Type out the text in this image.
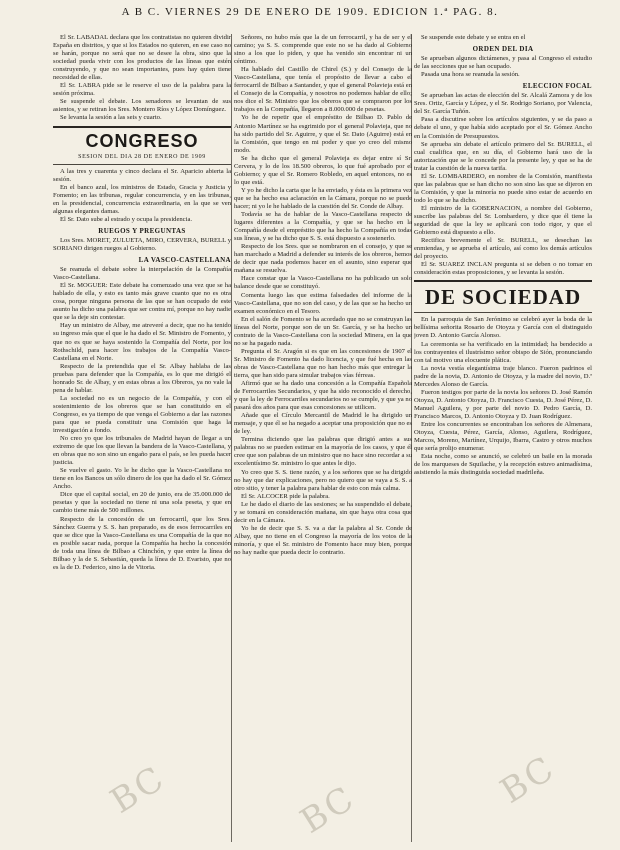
A B C. VIERNES 29 DE ENERO DE 1909. EDICION 1.ª PAG. 8.

El Sr. LABADAL declara que los contratistas no quieren dividir España en distritos, y que si los Estados no quieren, en ese caso no se harán, porque no será que no se desee la obra, sino que la sociedad pueda vivir con los productos de las líneas que estén construyendo, y que no sean importantes, pues hay quien tiene necesidad de ellas.

El Sr. LABRA pide se le reserve el uso de la palabra para la sesión próxima.

Se suspende el debate. Los senadores se levantan de sus asientos, y se retiran los Sres. Montero Ríos y López Domínguez.

Se levanta la sesión a las seis y cuarto.

CONGRESO
SESION DEL DIA 28 DE ENERO DE 1909

A las tres y cuarenta y cinco declara el Sr. Aparicio abierta la sesión.

En el banco azul, los ministros de Estado, Gracia y Justicia y Fomento; en las tribunas, regular concurrencia, y en las tribunas, en la presidencial, concurrencia extraordinaria, en la que se ven algunas elegantes damas.

El Sr. Dato sube al estrado y ocupa la presidencia.

RUEGOS Y PREGUNTAS

Los Sres. MORET, ZULUETA, MIRO, CERVERA, BURELL y SORIANO dirigen ruegos al Gobierno.

LA VASCO-CASTELLANA

Se reanuda el debate sobre la interpelación de la Compañía Vasco-Castellana.

El Sr. MOGUER: Este debate ha comenzado una vez que se ha hablado de ella, y esto es tanto más grave cuanto que no es otra cosa, porque ninguna persona de las que se han ocupado de este asunto ha dicho una palabra que ser contra mí, porque no hay nadie que se la deje sin contestar.

Hay un ministro de Albay, me atreveré a decir, que no ha tenido su ingreso más que el que le ha dado el Sr. Ministro de Fomento, y que no es que se haya sostenido la Compañía del Norte, por los Rothschild, para hacer los trabajos de la Compañía Vasco-Castellana en el Norte.

Respecto de la pretendida que el Sr. Albay hablaba de las pruebas para defender que la Compañía, es lo que me dirigió el honrado Sr. de Albay, y en estas obras a los Obreros, ya no vale la pena de hablar.

La sociedad no es un negocio de la Compañía, y con el sostenimiento de los obreros que se han constituido en el Congreso, es ya tiempo de que venga el Gobierno a dar las razones para que se pueda constituir una Comisión que haga la investigación a fondo.

No creo yo que los tribunales de Madrid hayan de llegar a un extremo de que los que llevan la bandera de la Vasco-Castellana, y en obras que no son sino un engaño para el país, se les pueda hacer justicia.

Se vuelve el gasto. Yo le he dicho que la Vasco-Castellana no tiene en los Bancos un sólo dinero de los que ha dado el Sr. Gómez Ancho.

Dice que el capital social, en 20 de junio, era de 35.000.000 de pesetas y que la sociedad no tiene ni una sola peseta, y que en cambio tiene más de 500 millones.

Respecto de la concesión de un ferrocarril, que los Sres. Sánchez Guerra y S. S. han preparado, es de esos ferrocarriles en que se dice que la Vasco-Castellana es una Compañía de la que no es posible sacar nada, porque la Compañía ha hecho la concesión de toda una línea de Bilbao a Chinchón, y que entre la línea de Bilbao y la de S. Sebastián, queda la línea de D. Evaristo, que no es la de D. Federico, sino la de Vitoria.

Señores, no hubo más que la de un ferrocarril, y ha de ser y el camino; ya S. S. comprende que este no se ha dado al Gobierno sino a los que lo piden, y que ha venido sin encontrar ni un céntimo.

Ha hablado del Castillo de Chirel (S.) y del Consejo de la Vasco-Castellana, que tenía el propósito de llevar a cabo el ferrocarril de Bilbao a Santander, y que el general Polavieja está en el Consejo de la Compañía, y nosotros no podemos hablar de ello; nos dice el Sr. Ministro que los obreros que se compraron por los trabajos en la Compañía, llegaron a 8.000.000 de pesetas.

Yo he de repetir que el empréstito de Bilbao D. Pablo de Antonio Martínez se ha esgrimido por el general Polavieja, que no ha sido partido del Sr. Aguirre, y que el Sr. Dato (Aguirre) está en la Comisión, que tengo en mi poder y que yo creo del mismo modo.

Se ha dicho que el general Polavieja es dejar entre sí Sr. Cervera, y lo de los 18.500 obreros, lo que fué aprobado por el Gobierno; y que el Sr. Romero Robledo, en aquel entonces, no es lo que está.

Y yo he dicho la carta que le ha enviado, y ésta es la primera vez que se ha hecho esa aclaración en la Cámara, porque no se puede hacer; ni yo le he hablado de la cuestión del Sr. Conde de Albay.

Todavía se ha de hablar de la Vasco-Castellana respecto de lugares diferentes a la Compañía, y que se ha hecho en la Compañía desde el empréstito que ha hecho la Compañía en todas sus líneas, y se ha dicho que S. S. está dispuesto a sostenerlo.

Respecto de los Sres. que se nombraron en el consejo, y que se han marchado a Madrid a defender su interés de los obreros, hemos de decir que nada podemos hacer en el asunto, sino esperar que mañana se resuelva.

Hace constar que la Vasco-Castellana no ha publicado un solo balance desde que se constituyó.

Comenta luego las que estima falsedades del informe de la Vasco-Castellana, que no son del caso, y de las que se ha hecho un examen económico en el Tesoro.

En el salón de Fomento se ha acordado que no se construyan las líneas del Norte, porque son de un Sr. García, y se ha hecho un contrato de la Vasco-Castellana con la sociedad Minera, en la que no se ha pagado nada.

Pregunta el Sr. Aragón si es que en las concesiones de 1907 el Sr. Ministro de Fomento ha dado licencia, y que fué hecha en las obras de Vasco-Castellana que no han hecho más que entregar la tierra, que han sido para simular trabajos vías férreas.

Afirmó que se ha dado una concesión a la Compañía Española de Ferrocarriles Secundarios, y que ha sido reconocido el derecho, y que la ley de Ferrocarriles secundarios no se cumple, y que ya no pasará dos años para que esas concesiones se utilicen.

Añade que el Círculo Mercantil de Madrid le ha dirigido un mensaje, y que él se ha negado a aceptar una proposición que no es de ley.

Termina diciendo que las palabras que dirigió antes a sus palabras no se pueden estimar en la mayoría de los casos, y que él cree que son palabras de un ministro que no hace sino recordar a su excelentísimo Sr. ministro lo que antes le dijo.

Yo creo que S. S. tiene razón, y a los señores que se ha dirigido no hay que dar explicaciones, pero no quiero que se vaya a S. S. a otro sitio, y tener la palabra para hablar de esto con más calma.

El Sr. ALCOCER pide la palabra.

Le he dado el diario de las sesiones; se ha suspendido el debate, y se tomará en consideración mañana, sin que haya otra cosa que decir en la Cámara.

Yo he de decir que S. S. va a dar la palabra al Sr. Conde de Albay, que no tiene en el Congreso la mayoría de los votos de la minoría, y que el Sr. ministro de Fomento hace muy bien, porque no hay nadie que pueda decir lo contrario.

Se suspende este debate y se entra en el

ORDEN DEL DIA

Se aprueban algunos dictámenes, y pasa al Congreso el estudio de las secciones que se han ocupado.

Pasada una hora se reanuda la sesión.

ELECCION FOCAL

Se aprueban las actas de elección del Sr. Alcalá Zamora y de los Sres. Ortiz, García y López, y el Sr. Rodrigo Soriano, por Valencia, del Sr. García Tuñón.

Pasa a discutirse sobre los artículos siguientes, y se da paso a debate el uno, y que había sido aceptado por el Sr. Gómez Ancho en la Comisión de Presupuestos.

Se aprueba sin debate el artículo primero del Sr. BURELL, el cual cualifica que, en su día, el Gobierno hará uso de la autorización que se le concede por la presente ley, y que se ha de tratar la cuestión de la nueva tarifa.

El Sr. LOMBARDERO, en nombre de la Comisión, manifiesta que las palabras que se han dicho no son sino las que se dijeron en la Comisión, y que la minoría no puede sino estar de acuerdo en todo lo que se ha dicho.

El ministro de la GOBERNACION, a nombre del Gobierno, suscribe las palabras del Sr. Lombardero, y dice que él tiene la seguridad de que la ley se aplicará con todo rigor, y que el Gobierno está dispuesto a ello.

Rectifica brevemente el Sr. BURELL, se desechan las enmiendas, y se aprueba el artículo, así como los demás artículos del proyecto.

El Sr. SUAREZ INCLAN pregunta si se deben o no tomar en consideración estas proposiciones, y se levanta la sesión.

DE SOCIEDAD

En la parroquia de San Jerónimo se celebró ayer la boda de la bellísima señorita Rosario de Otoyza y García con el distinguido joven D. Antonio García Alonso.

La ceremonia se ha verificado en la intimidad; ha bendecido a los contrayentes el ilustrísimo señor obispo de Sión, pronunciando con tal motivo una elocuente plática.

La novia vestía elegantísima traje blanco. Fueron padrinos el padre de la novia, D. Antonio de Otoyza, y la madre del novio, D.ª Mercedes Alonso de García.

Fueron testigos por parte de la novia los señores D. José Ramón Otoyza, D. Antonio Otoyza, D. Francisco Cuesta, D. José Pérez, D. Manuel Aguilera, y por parte del novio D. Pedro García, D. Francisco Marcos, D. Antonio Otoyza y D. Juan Rodríguez.

Entre los concurrentes se encontraban los señores de Almenara, Otoyza, Cuesta, Pérez, García, Alonso, Aguilera, Rodríguez, Marcos, Moreno, Martínez, Urquijo, Ibarra, Castro y otros muchos que sería prolijo enumerar.

Esta noche, como se anunció, se celebró un baile en la morada de los marqueses de Squilache, y la recepción estuvo animadísima, asistiendo la más distinguida sociedad madrileña.

BC	BC	BC
